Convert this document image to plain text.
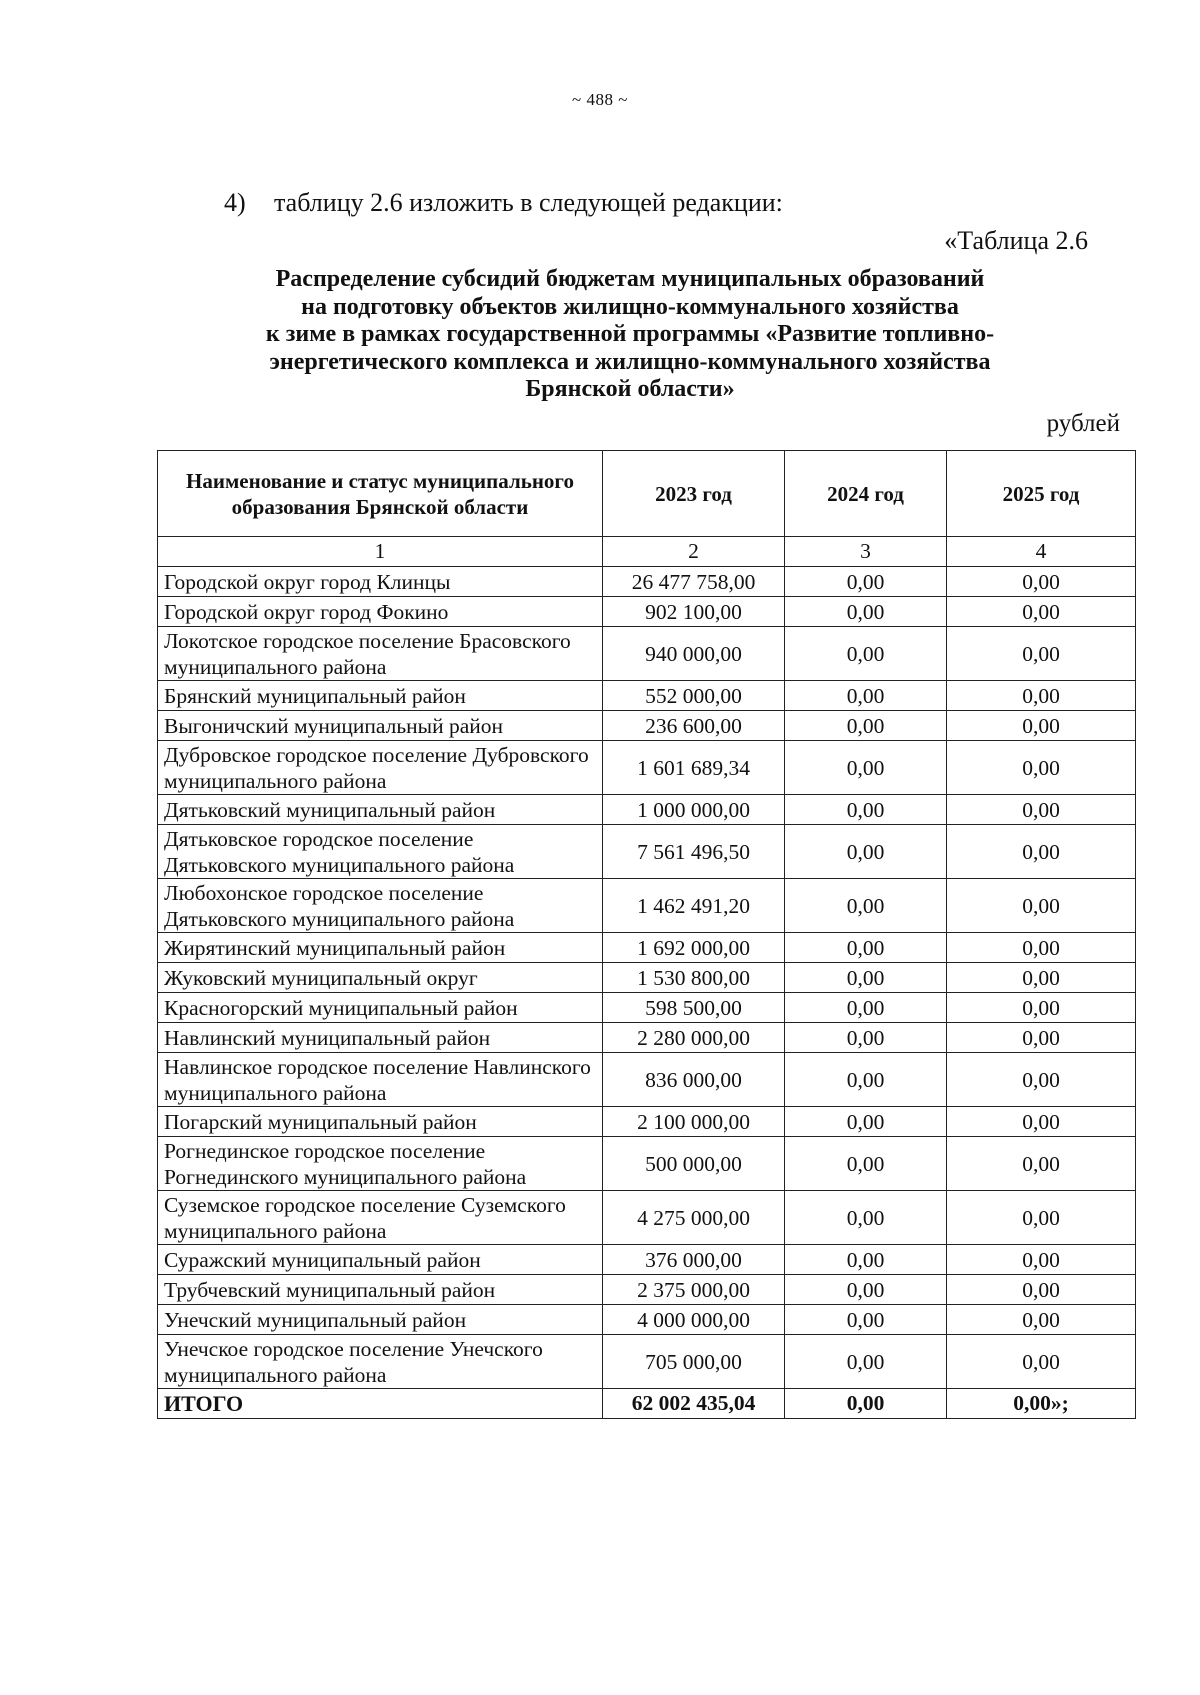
~ 488 ~
4) таблицу 2.6 изложить в следующей редакции:
«Таблица 2.6
Распределение субсидий бюджетам муниципальных образований
на подготовку объектов жилищно-коммунального хозяйства
к зиме в рамках государственной программы «Развитие топливно-
энергетического комплекса и жилищно-коммунального хозяйства
Брянской области»
рублей
Наименование и статус муниципального образования Брянской области	2023 год	2024 год	2025 год
1	2	3	4
Городской округ город Клинцы	26 477 758,00	0,00	0,00
Городской округ город Фокино	902 100,00	0,00	0,00
Локотское городское поселение Брасовского муниципального района	940 000,00	0,00	0,00
Брянский муниципальный район	552 000,00	0,00	0,00
Выгоничский муниципальный район	236 600,00	0,00	0,00
Дубровское городское поселение Дубровского муниципального района	1 601 689,34	0,00	0,00
Дятьковский муниципальный район	1 000 000,00	0,00	0,00
Дятьковское городское поселение Дятьковского муниципального района	7 561 496,50	0,00	0,00
Любохонское городское поселение Дятьковского муниципального района	1 462 491,20	0,00	0,00
Жирятинский муниципальный район	1 692 000,00	0,00	0,00
Жуковский муниципальный округ	1 530 800,00	0,00	0,00
Красногорский муниципальный район	598 500,00	0,00	0,00
Навлинский муниципальный район	2 280 000,00	0,00	0,00
Навлинское городское поселение Навлинского муниципального района	836 000,00	0,00	0,00
Погарский муниципальный район	2 100 000,00	0,00	0,00
Рогнединское городское поселение Рогнединского муниципального района	500 000,00	0,00	0,00
Суземское городское поселение Суземского муниципального района	4 275 000,00	0,00	0,00
Суражский муниципальный район	376 000,00	0,00	0,00
Трубчевский муниципальный район	2 375 000,00	0,00	0,00
Унечский муниципальный район	4 000 000,00	0,00	0,00
Унечское городское поселение Унечского муниципального района	705 000,00	0,00	0,00
ИТОГО	62 002 435,04	0,00	0,00»;
